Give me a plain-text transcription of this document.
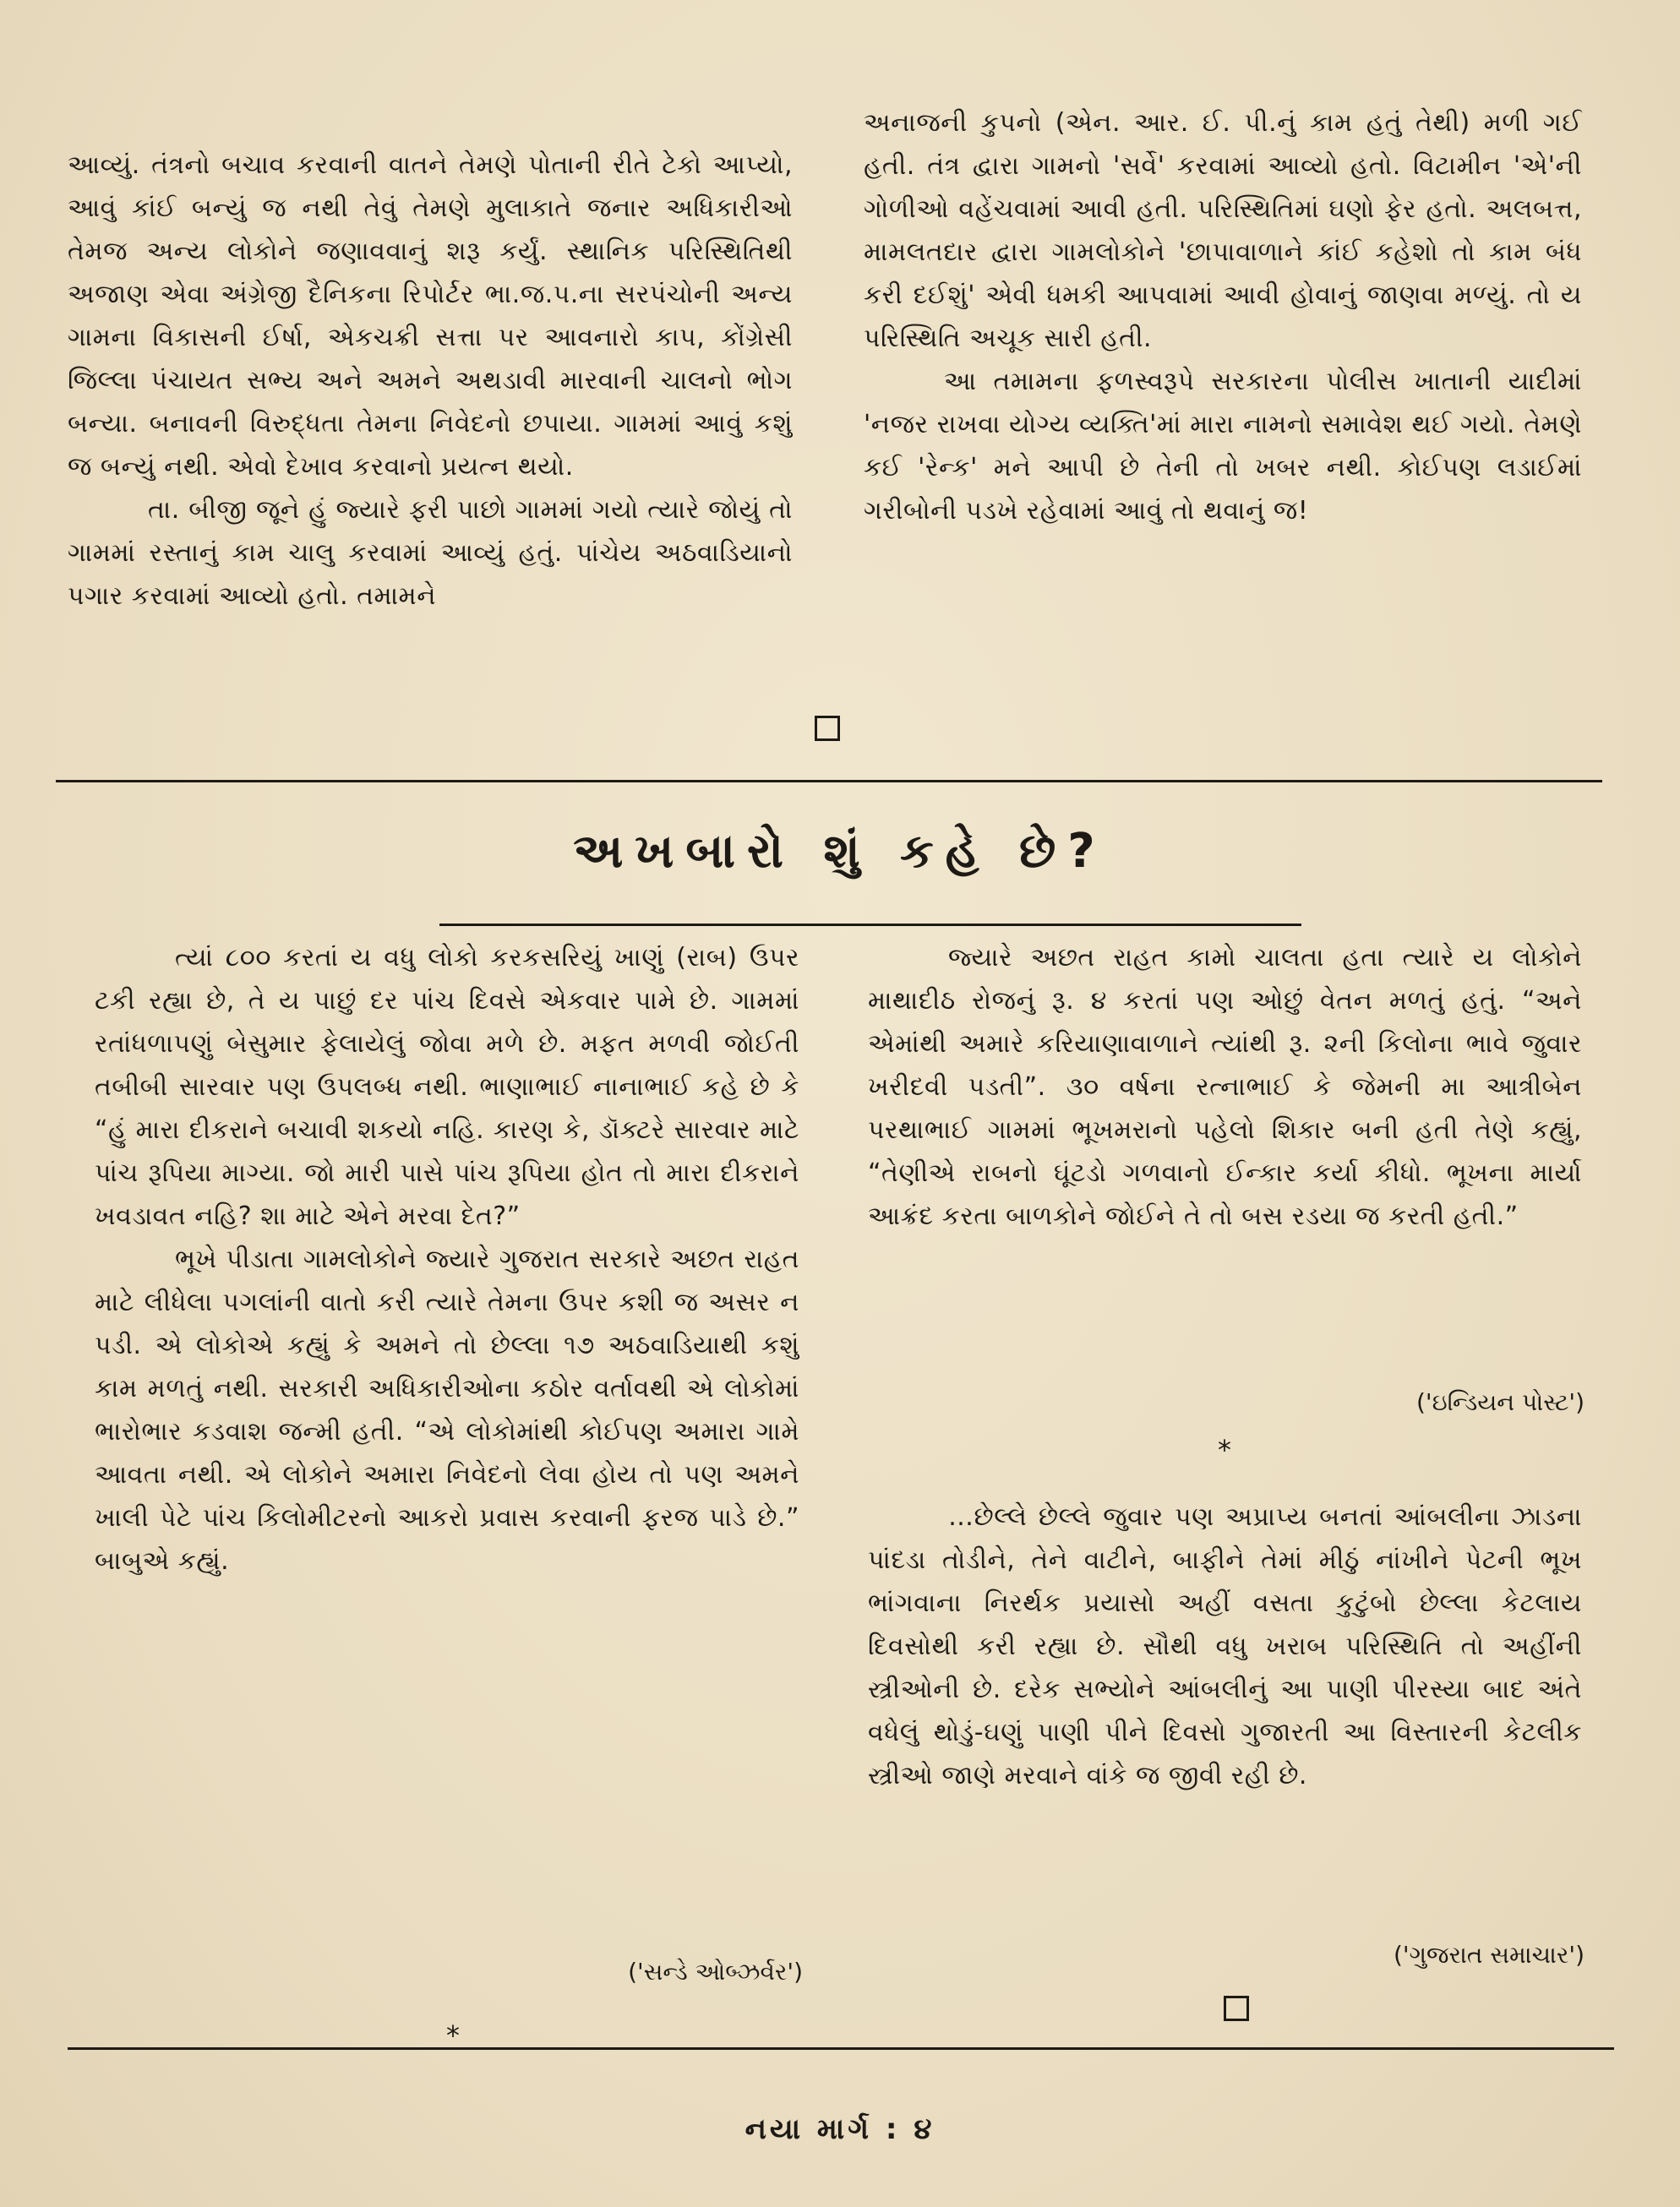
આવ્યું. તંત્રનો બચાવ કરવાની વાતને તેમણે પોતાની રીતે ટેકો આપ્યો, આવું કાંઈ બન્યું જ નથી તેવું તેમણે મુલાકાતે જનાર અધિકારીઓ તેમજ અન્ય લોકોને જણાવવાનું શરૂ કર્યું. સ્થાનિક પરિસ્થિતિથી અજાણ એવા અંગ્રેજી દૈનિકના રિપોર્ટર ભા.જ.પ.ના સરપંચોની અન્ય ગામના વિકાસની ઈર્ષા, એકચક્રી સત્તા પર આવનારો કાપ, કોંગ્રેસી જિલ્લા પંચાયત સભ્ય અને અમને અથડાવી મારવાની ચાલનો ભોગ બન્યા. બનાવની વિરુદ્ધતા તેમના નિવેદનો છપાયા. ગામમાં આવું કશું જ બન્યું નથી. એવો દેખાવ કરવાનો પ્રયત્ન થયો.

તા. બીજી જૂને હું જ્યારે ફરી પાછો ગામમાં ગયો ત્યારે જોયું તો ગામમાં રસ્તાનું કામ ચાલુ કરવામાં આવ્યું હતું. પાંચેય અઠવાડિયાનો પગાર કરવામાં આવ્યો હતો. તમામને

અનાજની કુપનો (એન. આર. ઈ. પી.નું કામ હતું તેથી) મળી ગઈ હતી. તંત્ર દ્વારા ગામનો 'સર્વે' કરવામાં આવ્યો હતો. વિટામીન 'એ'ની ગોળીઓ વહેંચવામાં આવી હતી. પરિસ્થિતિમાં ઘણો ફેર હતો. અલબત્ત, મામલતદાર દ્વારા ગામલોકોને 'છાપાવાળાને કાંઈ કહેશો તો કામ બંધ કરી દઈશું' એવી ધમકી આપવામાં આવી હોવાનું જાણવા મળ્યું. તો ય પરિસ્થિતિ અચૂક સારી હતી.

આ તમામના ફળસ્વરૂપે સરકારના પોલીસ ખાતાની યાદીમાં 'નજર રાખવા યોગ્ય વ્યક્તિ'માં મારા નામનો સમાવેશ થઈ ગયો. તેમણે કઈ 'રેન્ક' મને આપી છે તેની તો ખબર નથી. કોઈપણ લડાઈમાં ગરીબોની પડખે રહેવામાં આવું તો થવાનું જ!

અખબારો શું કહે છે?

ત્યાં ૮૦૦ કરતાં ય વધુ લોકો કરકસરિયું ખાણું (રાબ) ઉપર ટકી રહ્યા છે, તે ય પાછું દર પાંચ દિવસે એકવાર પામે છે. ગામમાં રતાંધળાપણું બેસુમાર ફેલાયેલું જોવા મળે છે. મફત મળવી જોઈતી તબીબી સારવાર પણ ઉપલબ્ધ નથી. ભાણાભાઈ નાનાભાઈ કહે છે કે “હું મારા દીકરાને બચાવી શકયો નહિ. કારણ કે, ડૉક્ટરે સારવાર માટે પાંચ રૂપિયા માગ્યા. જો મારી પાસે પાંચ રૂપિયા હોત તો મારા દીકરાને ખવડાવત નહિ? શા માટે એને મરવા દેત?”

ભૂખે પીડાતા ગામલોકોને જ્યારે ગુજરાત સરકારે અછત રાહત માટે લીધેલા પગલાંની વાતો કરી ત્યારે તેમના ઉપર કશી જ અસર ન પડી. એ લોકોએ કહ્યું કે અમને તો છેલ્લા ૧૭ અઠવાડિયાથી કશું કામ મળતું નથી. સરકારી અધિકારીઓના કઠોર વર્તાવથી એ લોકોમાં ભારોભાર કડવાશ જન્મી હતી. “એ લોકોમાંથી કોઈપણ અમારા ગામે આવતા નથી. એ લોકોને અમારા નિવેદનો લેવા હોય તો પણ અમને ખાલી પેટે પાંચ કિલોમીટરનો આકરો પ્રવાસ કરવાની ફરજ પાડે છે.” બાબુએ કહ્યું.

('સન્ડે ઓબ્ઝર્વર')
*

જ્યારે અછત રાહત કામો ચાલતા હતા ત્યારે ય લોકોને માથાદીઠ રોજનું રૂ. ૪ કરતાં પણ ઓછું વેતન મળતું હતું. “અને એમાંથી અમારે કરિયાણાવાળાને ત્યાંથી રૂ. ૨ની કિલોના ભાવે જુવાર ખરીદવી પડતી”. ૩૦ વર્ષના રત્નાભાઈ કે જેમની મા આત્રીબેન પરથાભાઈ ગામમાં ભૂખમરાનો પહેલો શિકાર બની હતી તેણે કહ્યું, “તેણીએ રાબનો ઘૂંટડો ગળવાનો ઈન્કાર કર્યા કીધો. ભૂખના માર્યા આક્રંદ કરતા બાળકોને જોઈને તે તો બસ રડયા જ કરતી હતી.”

('ઇન્ડિયન પોસ્ટ')
*

…છેલ્લે છેલ્લે જુવાર પણ અપ્રાપ્ય બનતાં આંબલીના ઝાડના પાંદડા તોડીને, તેને વાટીને, બાફીને તેમાં મીઠું નાંખીને પેટની ભૂખ ભાંગવાના નિરર્થક પ્રયાસો અહીં વસતા કુટુંબો છેલ્લા કેટલાય દિવસોથી કરી રહ્યા છે. સૌથી વધુ ખરાબ પરિસ્થિતિ તો અહીંની સ્ત્રીઓની છે. દરેક સભ્યોને આંબલીનું આ પાણી પીરસ્યા બાદ અંતે વધેલું થોડું-ઘણું પાણી પીને દિવસો ગુજારતી આ વિસ્તારની કેટલીક સ્ત્રીઓ જાણે મરવાને વાંકે જ જીવી રહી છે.

('ગુજરાત સમાચાર')
નયા માર્ગ : ૪
